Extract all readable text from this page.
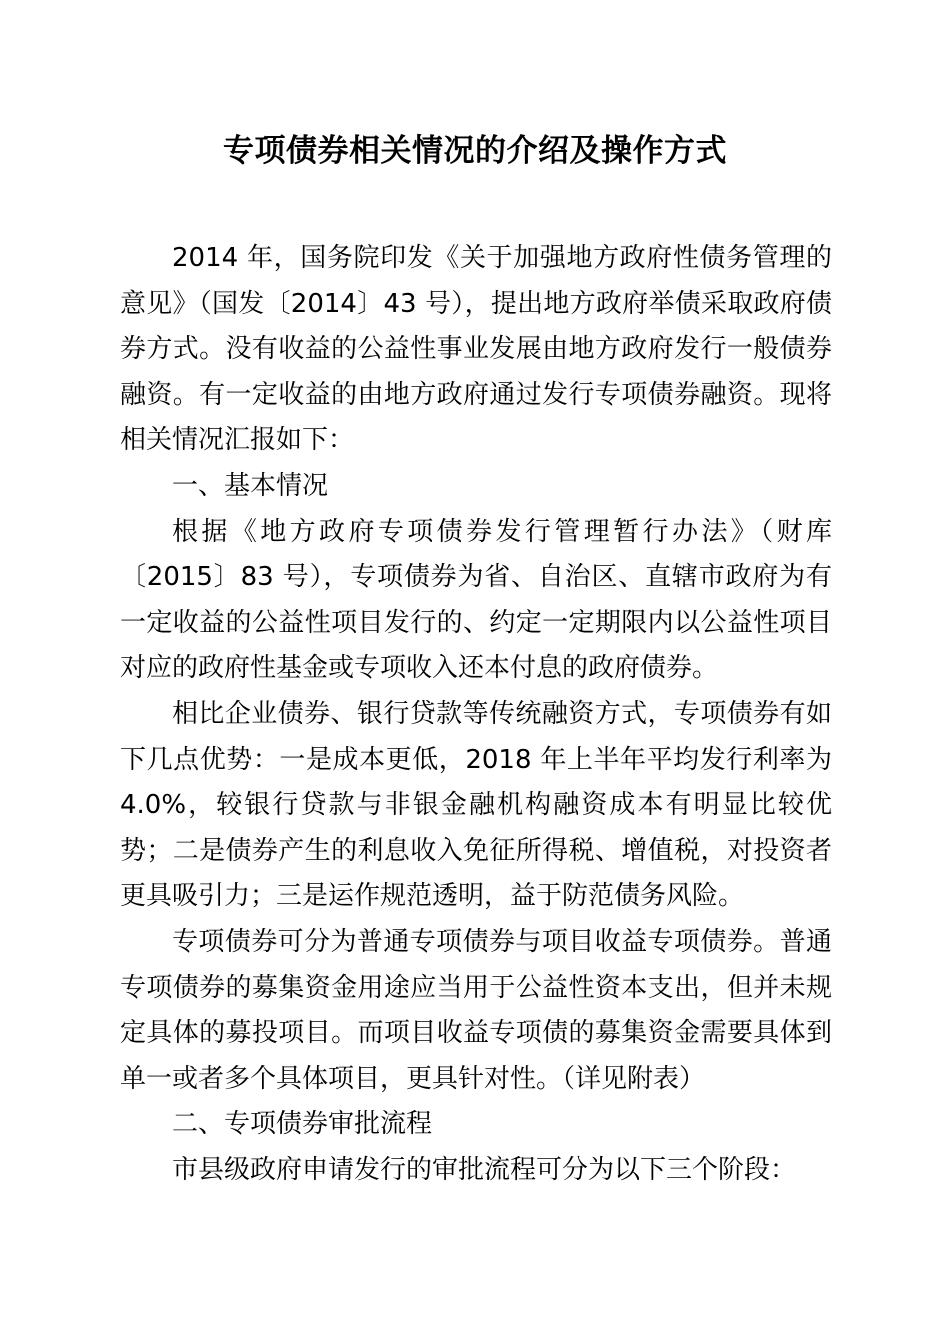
专项债券相关情况的介绍及操作方式

2014 年，国务院印发《关于加强地方政府性债务管理的意见》（国发〔2014〕43 号），提出地方政府举债采取政府债券方式。没有收益的公益性事业发展由地方政府发行一般债券融资。有一定收益的由地方政府通过发行专项债券融资。现将相关情况汇报如下：

一、基本情况

根据《地方政府专项债券发行管理暂行办法》（财库〔2015〕83 号），专项债券为省、自治区、直辖市政府为有一定收益的公益性项目发行的、约定一定期限内以公益性项目对应的政府性基金或专项收入还本付息的政府债券。

相比企业债券、银行贷款等传统融资方式，专项债券有如下几点优势：一是成本更低，2018 年上半年平均发行利率为 4.0%，较银行贷款与非银金融机构融资成本有明显比较优势；二是债券产生的利息收入免征所得税、增值税，对投资者更具吸引力；三是运作规范透明，益于防范债务风险。

专项债券可分为普通专项债券与项目收益专项债券。普通专项债券的募集资金用途应当用于公益性资本支出，但并未规定具体的募投项目。而项目收益专项债的募集资金需要具体到单一或者多个具体项目，更具针对性。（详见附表）

二、专项债券审批流程

市县级政府申请发行的审批流程可分为以下三个阶段：
